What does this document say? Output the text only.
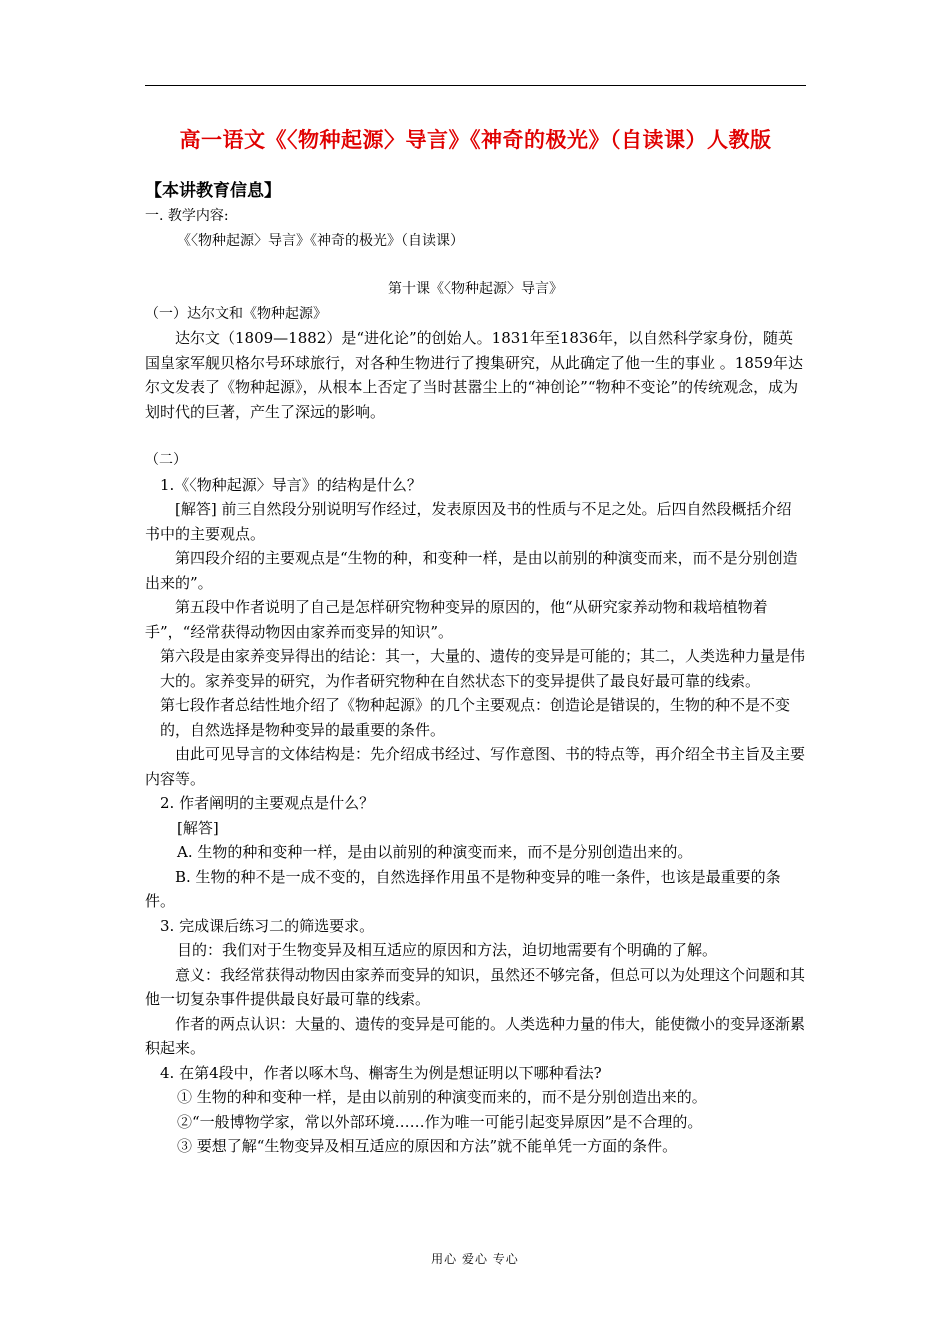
高一语文《〈物种起源〉导言》《神奇的极光》（自读课）人教版

【本讲教育信息】

一. 教学内容:

《〈物种起源〉导言》《神奇的极光》（自读课）

第十课《〈物种起源〉导言》

（一）达尔文和《物种起源》

达尔文（1809—1882）是“进化论”的创始人。1831年至1836年，以自然科学家身份，随英国皇家军舰贝格尔号环球旅行，对各种生物进行了搜集研究，从此确定了他一生的事业 。1859年达尔文发表了《物种起源》，从根本上否定了当时甚嚣尘上的“神创论”“物种不变论”的传统观念，成为划时代的巨著，产生了深远的影响。

（二）

1.《〈物种起源〉导言》的结构是什么？

[解答] 前三自然段分别说明写作经过，发表原因及书的性质与不足之处。后四自然段概括介绍书中的主要观点。

第四段介绍的主要观点是“生物的种，和变种一样，是由以前别的种演变而来，而不是分别创造出来的”。

第五段中作者说明了自己是怎样研究物种变异的原因的，他“从研究家养动物和栽培植物着手”，“经常获得动物因由家养而变异的知识”。

第六段是由家养变异得出的结论：其一，大量的、遗传的变异是可能的；其二，人类选种力量是伟大的。家养变异的研究，为作者研究物种在自然状态下的变异提供了最良好最可靠的线索。

第七段作者总结性地介绍了《物种起源》的几个主要观点：创造论是错误的，生物的种不是不变的，自然选择是物种变异的最重要的条件。

由此可见导言的文体结构是：先介绍成书经过、写作意图、书的特点等，再介绍全书主旨及主要内容等。

2. 作者阐明的主要观点是什么？

[解答]

A. 生物的种和变种一样，是由以前别的种演变而来，而不是分别创造出来的。

B. 生物的种不是一成不变的，自然选择作用虽不是物种变异的唯一条件，也该是最重要的条件。

3. 完成课后练习二的筛选要求。

目的：我们对于生物变异及相互适应的原因和方法，迫切地需要有个明确的了解。

意义：我经常获得动物因由家养而变异的知识，虽然还不够完备，但总可以为处理这个问题和其他一切复杂事件提供最良好最可靠的线索。

作者的两点认识：大量的、遗传的变异是可能的。人类选种力量的伟大，能使微小的变异逐渐累积起来。

4. 在第4段中，作者以啄木鸟、槲寄生为例是想证明以下哪种看法?

① 生物的种和变种一样，是由以前别的种演变而来的，而不是分别创造出来的。

②“一般博物学家，常以外部环境……作为唯一可能引起变异原因”是不合理的。

③ 要想了解“生物变异及相互适应的原因和方法”就不能单凭一方面的条件。

用心 爱心 专心
